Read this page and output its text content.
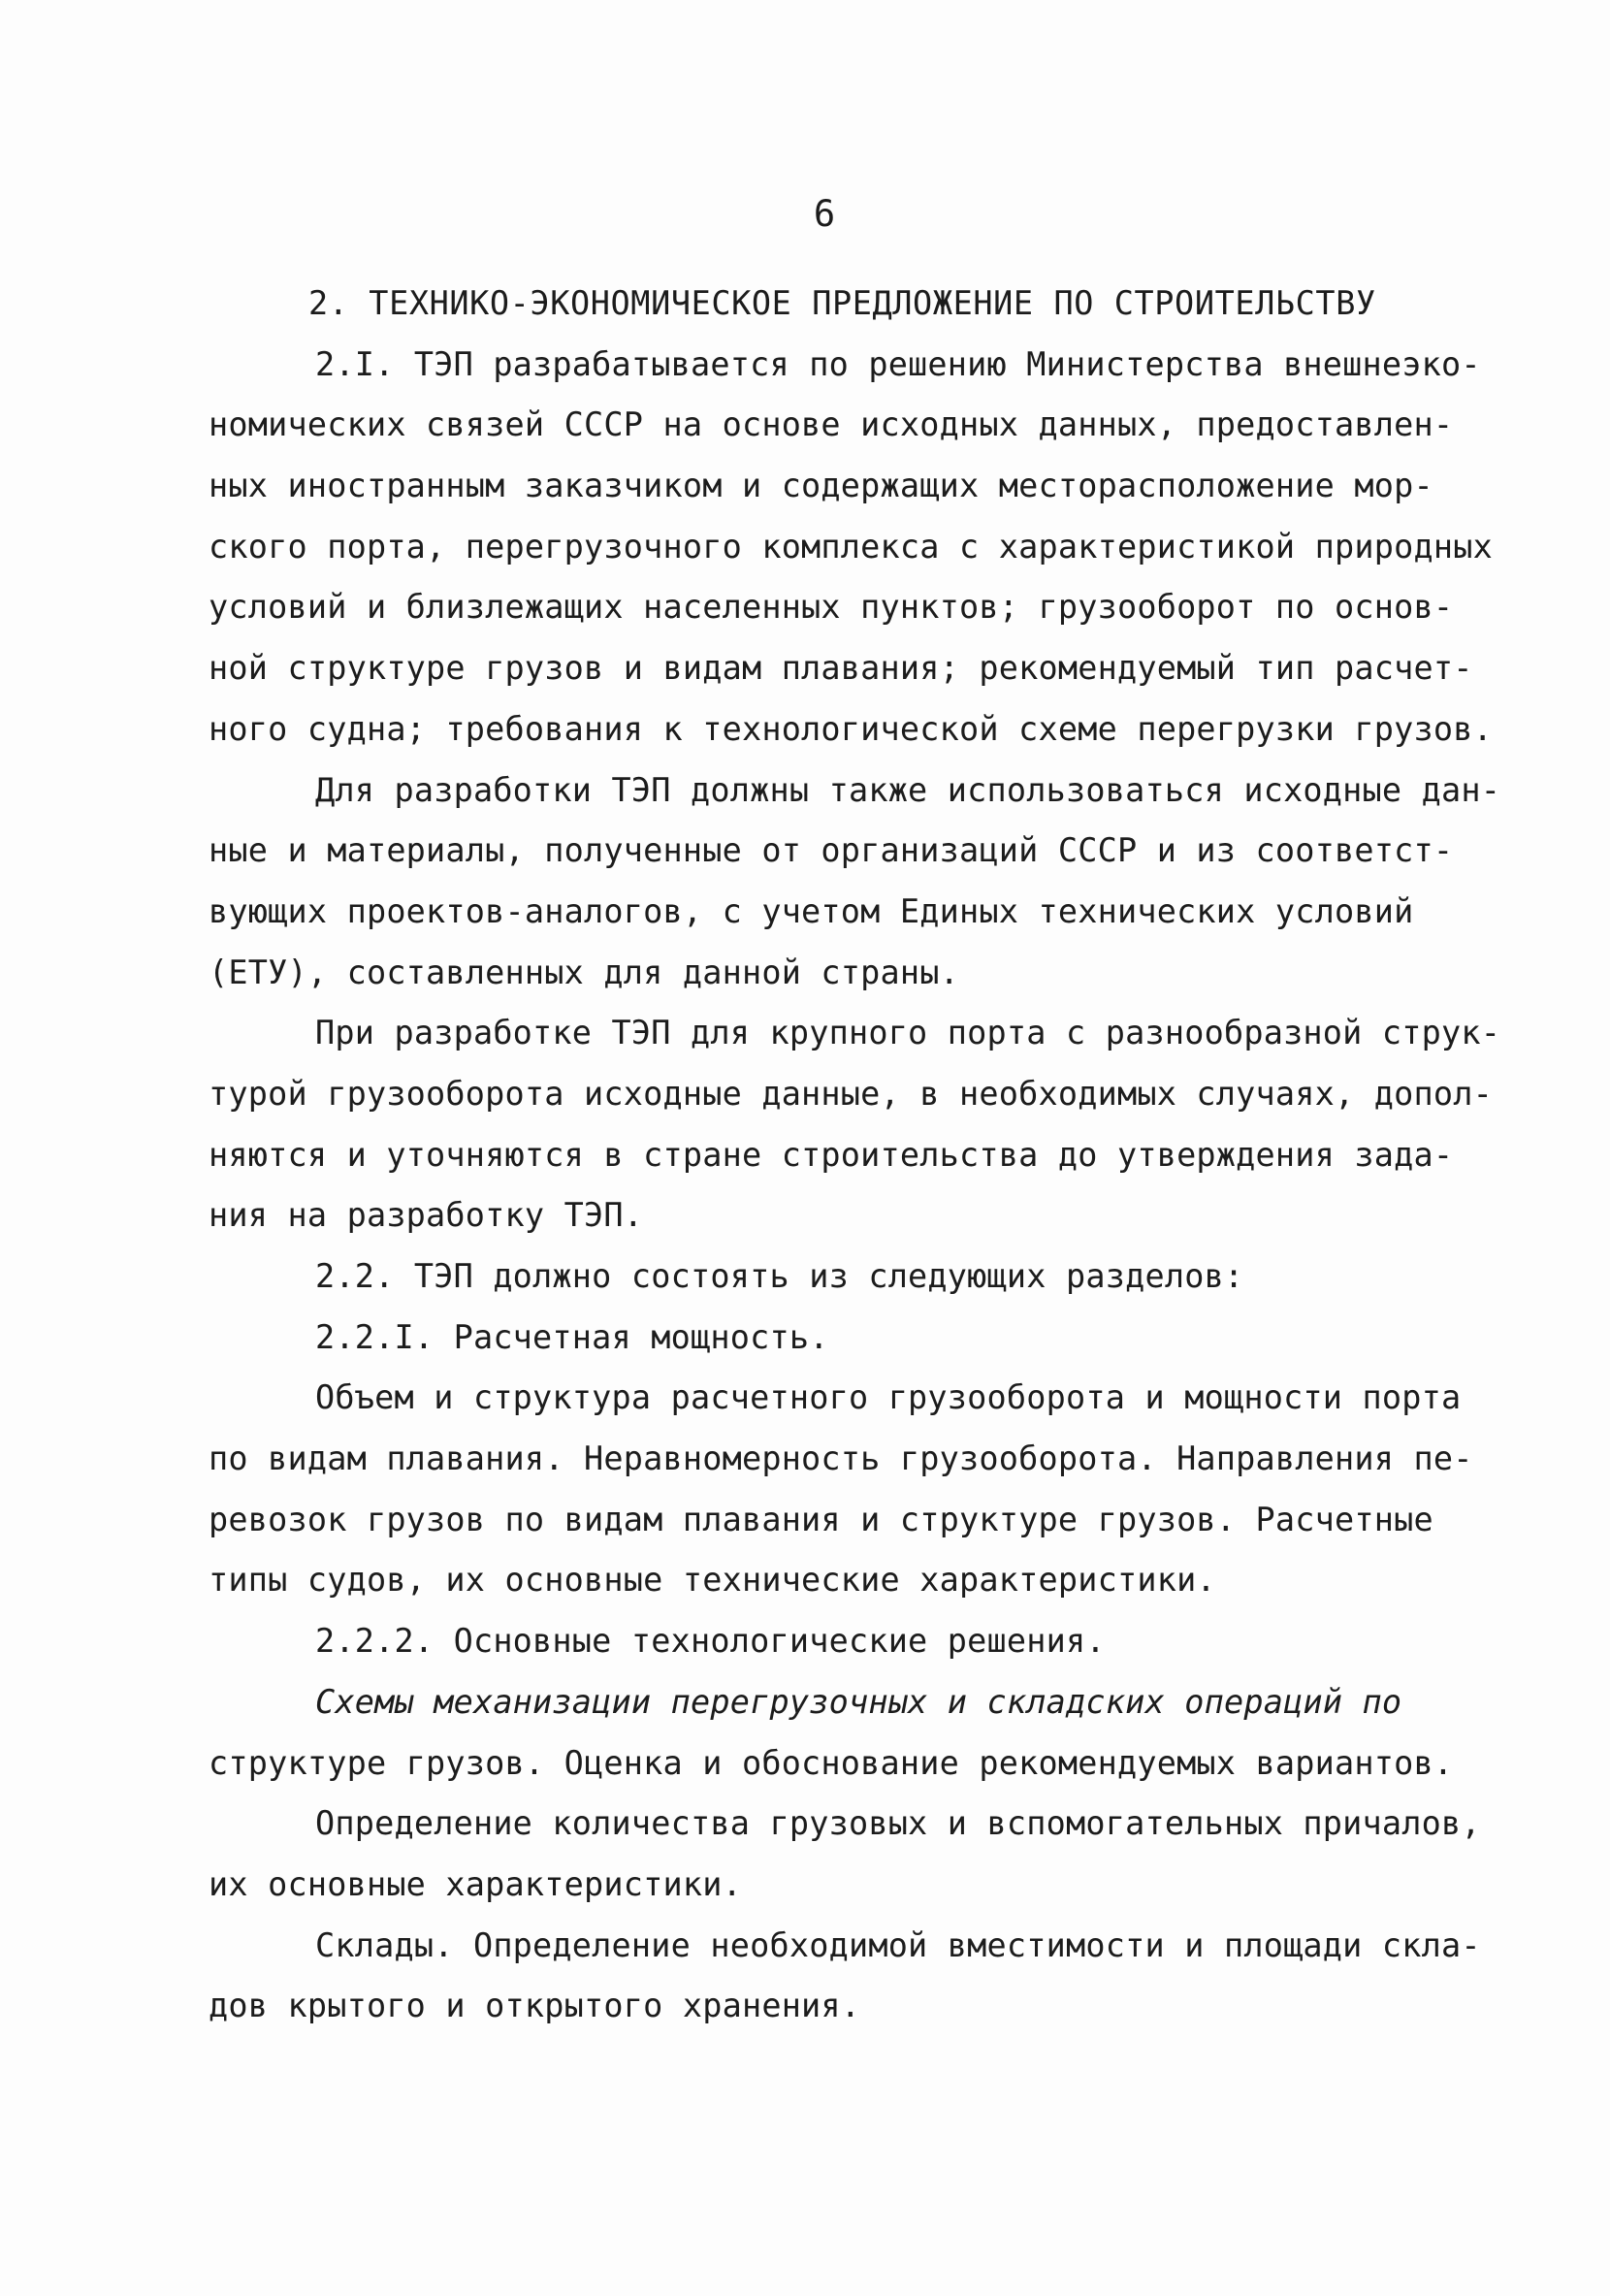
6
2. ТЕХНИКО-ЭКОНОМИЧЕСКОЕ ПРЕДЛОЖЕНИЕ ПО СТРОИТЕЛЬСТВУ
2.I. ТЭП разрабатывается по решению Министерства внешнеэко-
номических связей СССР на основе исходных данных, предоставлен-
ных иностранным заказчиком и содержащих месторасположение мор-
ского порта, перегрузочного комплекса с характеристикой природных
условий и близлежащих населенных пунктов; грузооборот по основ-
ной структуре грузов и видам плавания; рекомендуемый тип расчет-
ного судна; требования к технологической схеме перегрузки грузов.
Для разработки ТЭП должны также использоваться исходные дан-
ные и материалы, полученные от организаций СССР и из соответст-
вующих проектов-аналогов, с учетом Единых технических условий
(ЕТУ), составленных для данной страны.
При разработке ТЭП для крупного порта с разнообразной струк-
турой грузооборота исходные данные, в необходимых случаях, допол-
няются и уточняются в стране строительства до утверждения зада-
ния на разработку ТЭП.
2.2. ТЭП должно состоять из следующих разделов:
2.2.I. Расчетная мощность.
Объем и структура расчетного грузооборота и мощности порта
по видам плавания. Неравномерность грузооборота. Направления пе-
ревозок грузов по видам плавания и структуре грузов. Расчетные
типы судов, их основные технические характеристики.
2.2.2. Основные технологические решения.
Схемы механизации перегрузочных и складских операций по
структуре грузов. Оценка и обоснование рекомендуемых вариантов.
Определение количества грузовых и вспомогательных причалов,
их основные характеристики.
Склады. Определение необходимой вместимости и площади скла-
дов крытого и открытого хранения.
